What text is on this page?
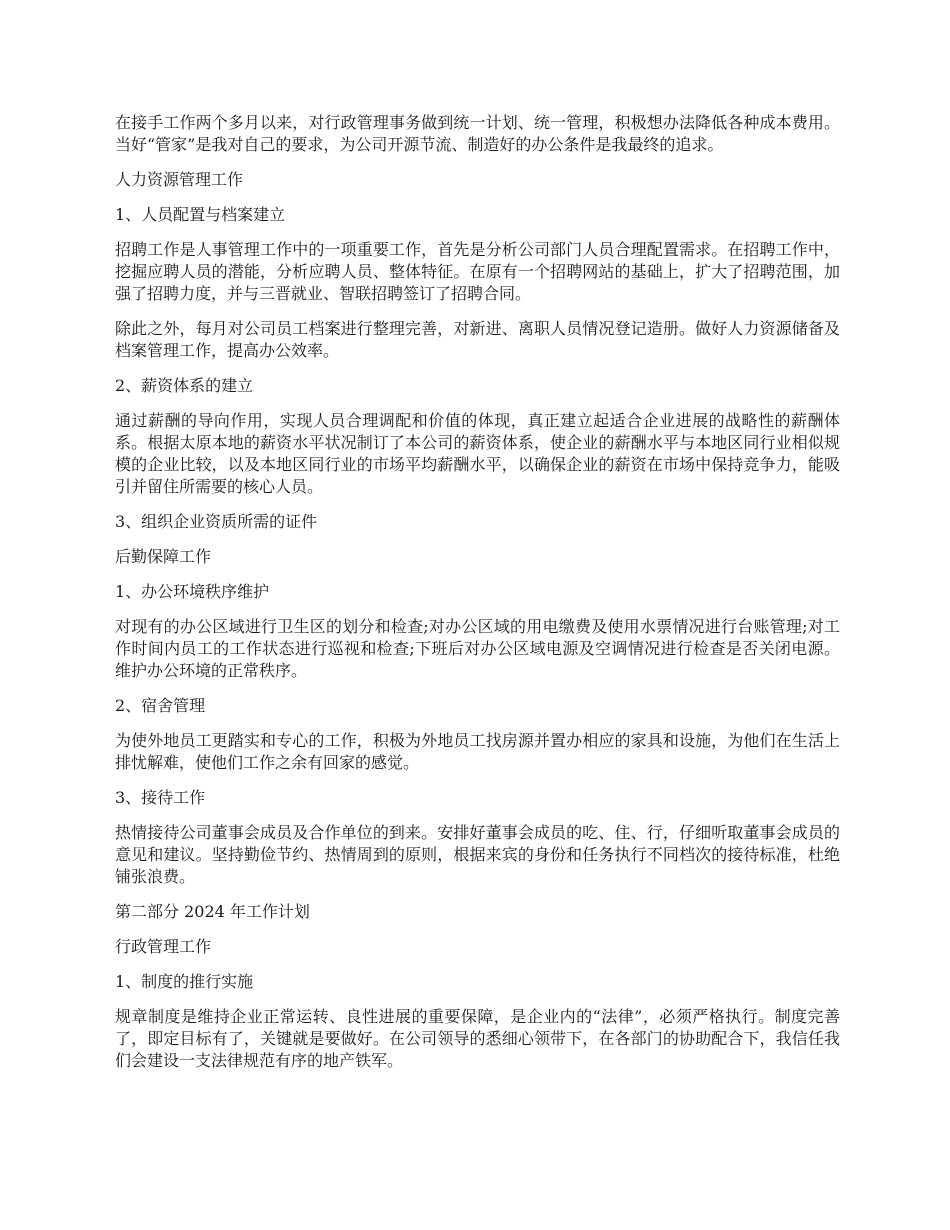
在接手工作两个多月以来，对行政管理事务做到统一计划、统一管理，积极想办法降低各种成本费用。当好“管家”是我对自己的要求，为公司开源节流、制造好的办公条件是我最终的追求。

人力资源管理工作

1、人员配置与档案建立

招聘工作是人事管理工作中的一项重要工作，首先是分析公司部门人员合理配置需求。在招聘工作中，挖掘应聘人员的潜能，分析应聘人员、整体特征。在原有一个招聘网站的基础上，扩大了招聘范围，加强了招聘力度，并与三晋就业、智联招聘签订了招聘合同。

除此之外，每月对公司员工档案进行整理完善，对新进、离职人员情况登记造册。做好人力资源储备及档案管理工作，提高办公效率。

2、薪资体系的建立

通过薪酬的导向作用，实现人员合理调配和价值的体现，真正建立起适合企业进展的战略性的薪酬体系。根据太原本地的薪资水平状况制订了本公司的薪资体系，使企业的薪酬水平与本地区同行业相似规模的企业比较，以及本地区同行业的市场平均薪酬水平，以确保企业的薪资在市场中保持竞争力，能吸引并留住所需要的核心人员。

3、组织企业资质所需的证件

后勤保障工作

1、办公环境秩序维护

对现有的办公区域进行卫生区的划分和检查;对办公区域的用电缴费及使用水票情况进行台账管理;对工作时间内员工的工作状态进行巡视和检查;下班后对办公区域电源及空调情况进行检查是否关闭电源。维护办公环境的正常秩序。

2、宿舍管理

为使外地员工更踏实和专心的工作，积极为外地员工找房源并置办相应的家具和设施，为他们在生活上排忧解难，使他们工作之余有回家的感觉。

3、接待工作

热情接待公司董事会成员及合作单位的到来。安排好董事会成员的吃、住、行，仔细听取董事会成员的意见和建议。坚持勤俭节约、热情周到的原则，根据来宾的身份和任务执行不同档次的接待标准，杜绝铺张浪费。

第二部分 2024 年工作计划

行政管理工作

1、制度的推行实施

规章制度是维持企业正常运转、良性进展的重要保障，是企业内的“法律”，必须严格执行。制度完善了，即定目标有了，关键就是要做好。在公司领导的悉细心领带下，在各部门的协助配合下，我信任我们会建设一支法律规范有序的地产铁军。
